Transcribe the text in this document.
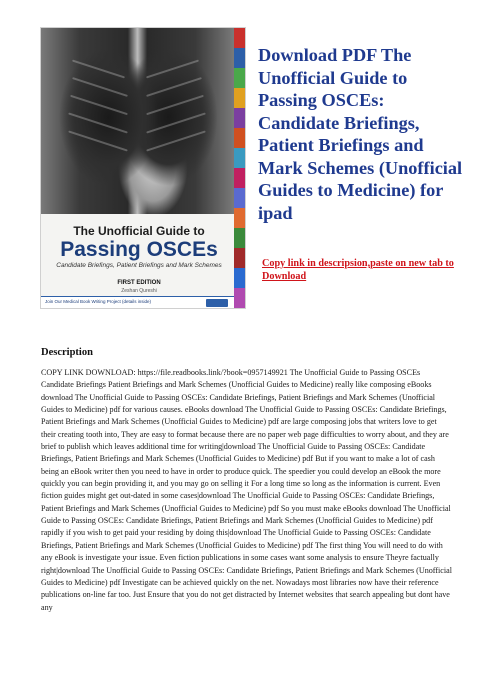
The Unofficial Guide to
Passing OSCEs
Candidate Briefings, Patient Briefings and Mark Schemes
FIRST EDITION
Zeshan Qureshi
Join Our Medical Book Writing Project (details inside)
Download PDF The Unofficial Guide to Passing OSCEs: Candidate Briefings, Patient Briefings and Mark Schemes (Unofficial Guides to Medicine) for ipad
Copy link in descripsion,paste on new tab to Download
Description

COPY LINK DOWNLOAD: https://file.readbooks.link/?book=0957149921 The Unofficial Guide to Passing OSCEs Candidate Briefings Patient Briefings and Mark Schemes (Unofficial Guides to Medicine) really like composing eBooks download The Unofficial Guide to Passing OSCEs: Candidate Briefings, Patient Briefings and Mark Schemes (Unofficial Guides to Medicine) pdf for various causes. eBooks download The Unofficial Guide to Passing OSCEs: Candidate Briefings, Patient Briefings and Mark Schemes (Unofficial Guides to Medicine) pdf are large composing jobs that writers love to get their creating tooth into, They are easy to format because there are no paper web page difficulties to worry about, and they are brief to publish which leaves additional time for writing|download The Unofficial Guide to Passing OSCEs: Candidate Briefings, Patient Briefings and Mark Schemes (Unofficial Guides to Medicine) pdf But if you want to make a lot of cash being an eBook writer then you need to have in order to produce quick. The speedier you could develop an eBook the more quickly you can begin providing it, and you may go on selling it For a long time so long as the information is current. Even fiction guides might get out-dated in some cases|download The Unofficial Guide to Passing OSCEs: Candidate Briefings, Patient Briefings and Mark Schemes (Unofficial Guides to Medicine) pdf So you must make eBooks download The Unofficial Guide to Passing OSCEs: Candidate Briefings, Patient Briefings and Mark Schemes (Unofficial Guides to Medicine) pdf rapidly if you wish to get paid your residing by doing this|download The Unofficial Guide to Passing OSCEs: Candidate Briefings, Patient Briefings and Mark Schemes (Unofficial Guides to Medicine) pdf The first thing You will need to do with any eBook is investigate your issue. Even fiction publications in some cases want some analysis to ensure Theyre factually right|download The Unofficial Guide to Passing OSCEs: Candidate Briefings, Patient Briefings and Mark Schemes (Unofficial Guides to Medicine) pdf Investigate can be achieved quickly on the net. Nowadays most libraries now have their reference publications on-line far too. Just Ensure that you do not get distracted by Internet websites that search appealing but dont have any
